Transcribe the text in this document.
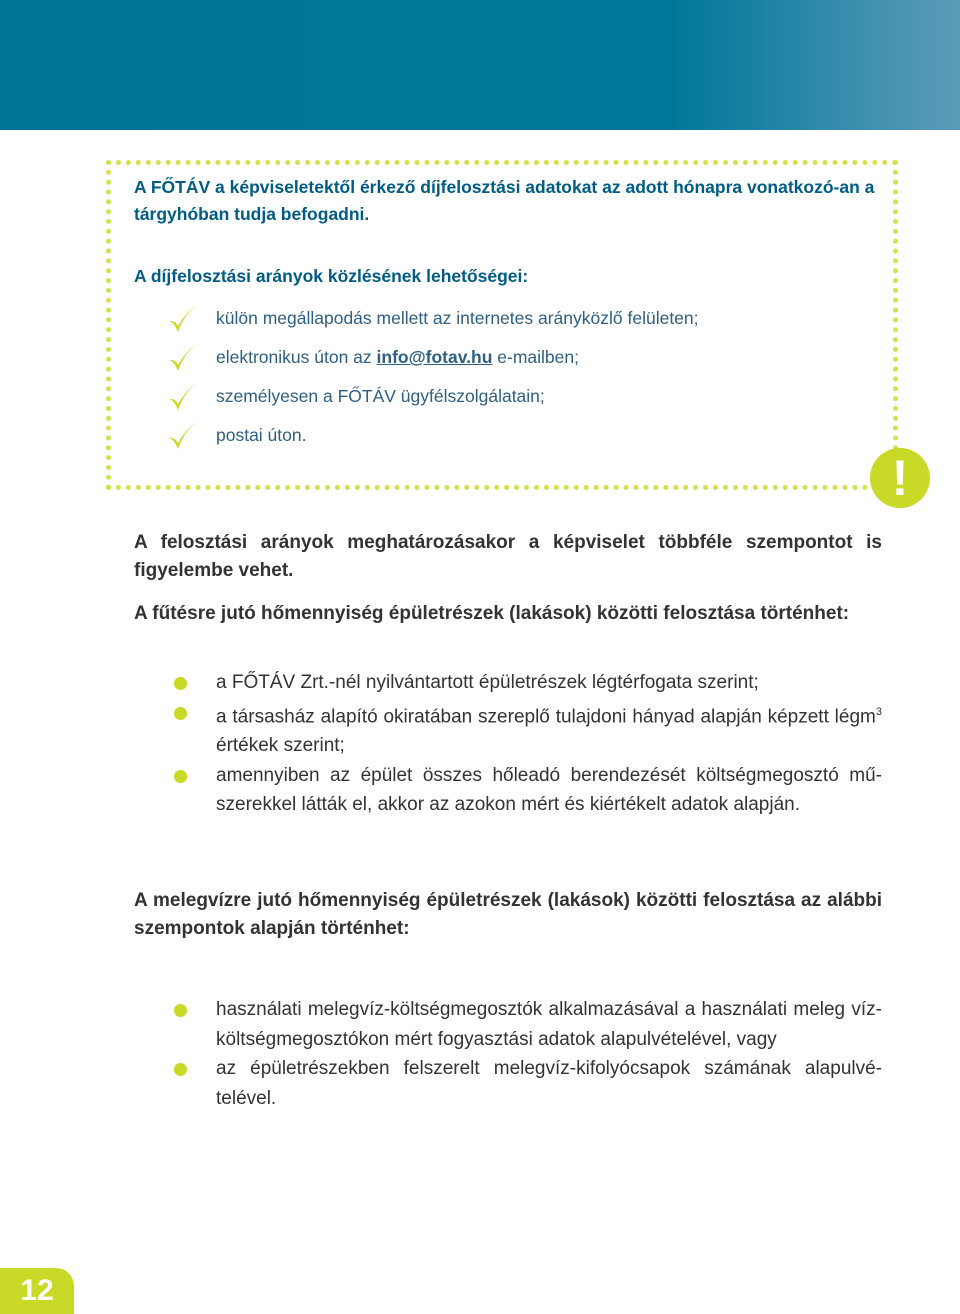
A FŐTÁV a képviseletektől érkező díjfelosztási adatokat az adott hónapra vonatkozó-an a tárgyhóban tudja befogadni.
A díjfelosztási arányok közlésének lehetőségei:
külön megállapodás mellett az internetes arányközlő felületen;
elektronikus úton az info@fotav.hu e-mailben;
személyesen a FŐTÁV ügyfélszolgálatain;
postai úton.
!
A felosztási arányok meghatározásakor a képviselet többféle szempontot is figyelembe vehet.
A fűtésre jutó hőmennyiség épületrészek (lakások) közötti felosztása történhet:
a FŐTÁV Zrt.-nél nyilvántartott épületrészek légtérfogata szerint;
a társasház alapító okiratában szereplő tulajdoni hányad alapján képzett légm$^3$ értékek szerint;
amennyiben az épület összes hőleadó berendezését költségmegosztó mű-szerekkel látták el, akkor az azokon mért és kiértékelt adatok alapján.
A melegvízre jutó hőmennyiség épületrészek (lakások) közötti felosztása az alábbi szempontok alapján történhet:
használati melegvíz-költségmegosztók alkalmazásával a használati meleg víz-költségmegosztókon mért fogyasztási adatok alapulvételével, vagy
az épületrészekben felszerelt melegvíz-kifolyócsapok számának alapulvé-telével.
12
